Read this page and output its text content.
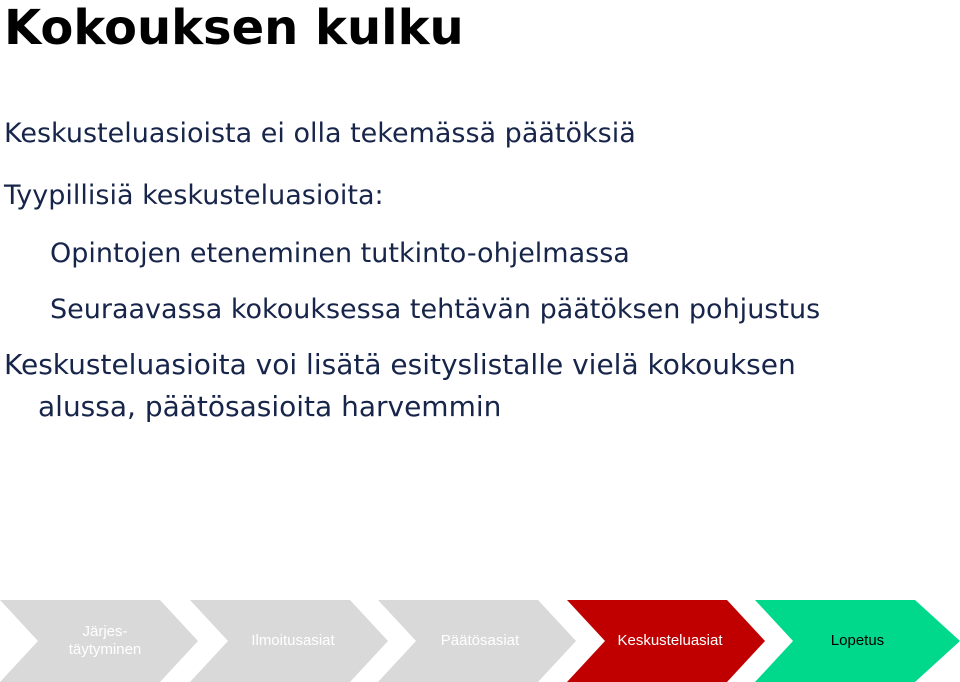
Kokouksen kulku
Keskusteluasioista ei olla tekemässä päätöksiä
Tyypillisiä keskusteluasioita:
Opintojen eteneminen tutkinto-ohjelmassa
Seuraavassa kokouksessa tehtävän päätöksen pohjustus
Keskusteluasioita voi lisätä esityslistalle vielä kokouksen
alussa, päätösasioita harvemmin
Järjes-
täytyminen
Ilmoitusasiat	Päätösasiat	Keskusteluasiat	Lopetus
